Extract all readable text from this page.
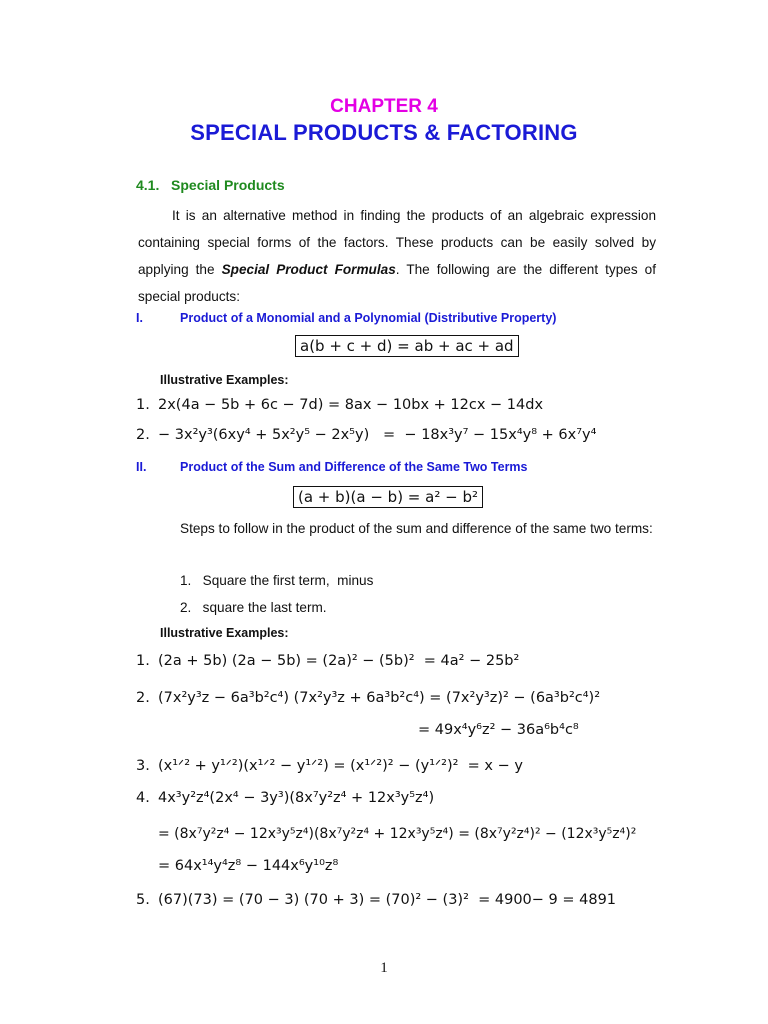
CHAPTER 4
SPECIAL PRODUCTS & FACTORING
4.1.   Special Products

It is an alternative method in finding the products of an algebraic expression containing special forms of the factors. These products can be easily solved by applying the Special Product Formulas. The following are the different types of special products:

I.	Product of a Monomial and a Polynomial (Distributive Property)
a(b + c + d) = ab + ac + ad
Illustrative Examples:
1. 2x(4a − 5b + 6c − 7d) = 8ax − 10bx + 12cx − 14dx
2. − 3x²y³(6xy⁴ + 5x²y⁵ − 2x⁵y)   =  − 18x³y⁷ − 15x⁴y⁸ + 6x⁷y⁴
II.	Product of the Sum and Difference of the Same Two Terms
(a + b)(a − b) = a² − b²

Steps to follow in the product of the sum and difference of the same two terms:

1.   Square the first term,  minus
2.   square the last term.
Illustrative Examples:
1. (2a + 5b) (2a − 5b) = (2a)² − (5b)²  = 4a² − 25b²
2. (7x²y³z − 6a³b²c⁴) (7x²y³z + 6a³b²c⁴) = (7x²y³z)² − (6a³b²c⁴)²
= 49x⁴y⁶z² − 36a⁶b⁴c⁸
3. (x¹ᐟ² + y¹ᐟ²)(x¹ᐟ² − y¹ᐟ²) = (x¹ᐟ²)² − (y¹ᐟ²)²  = x − y
4. 4x³y²z⁴(2x⁴ − 3y³)(8x⁷y²z⁴ + 12x³y⁵z⁴)
= (8x⁷y²z⁴ − 12x³y⁵z⁴)(8x⁷y²z⁴ + 12x³y⁵z⁴) = (8x⁷y²z⁴)² − (12x³y⁵z⁴)²
= 64x¹⁴y⁴z⁸ − 144x⁶y¹⁰z⁸
5. (67)(73) = (70 − 3) (70 + 3) = (70)² − (3)²  = 4900− 9 = 4891
1
